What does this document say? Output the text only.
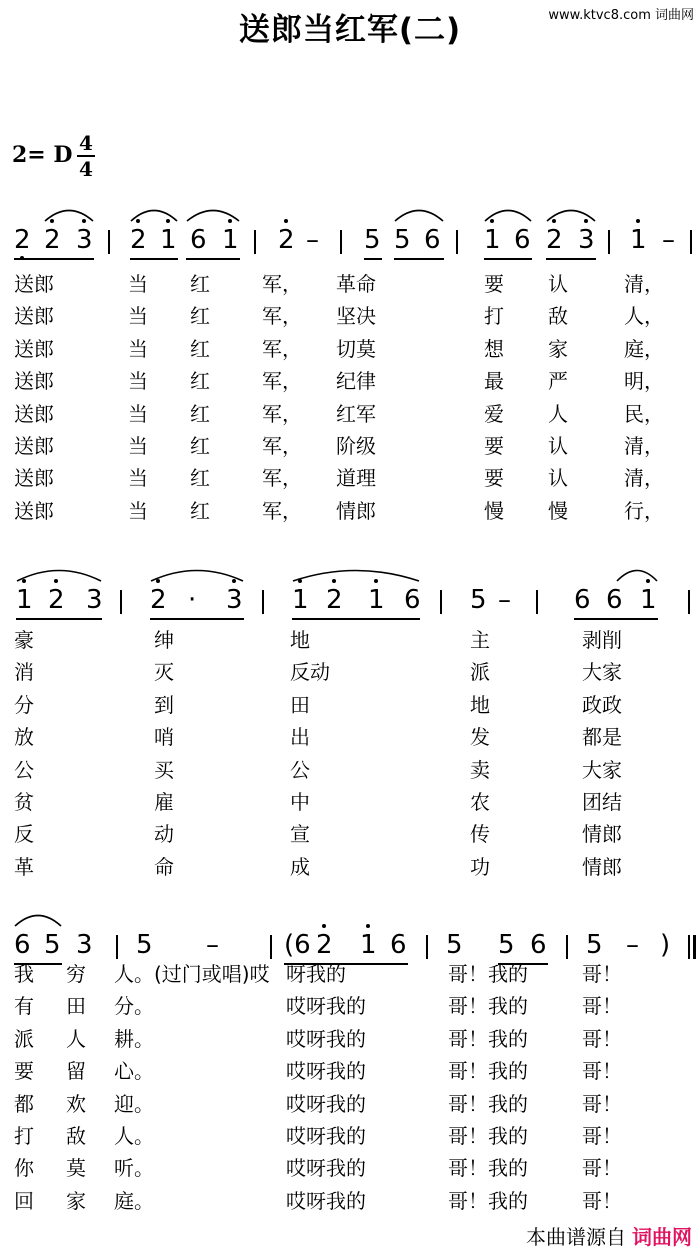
送郎当红军(二)	www.ktvc8.com 词曲网
2= D 4
4
2 2 3 2 1 6 1 2 – 5 5 6 1 6 2 3 1 –
送郎	当 红	军， 革命	要 认	清，
送郎	当 红	军， 坚决	打 敌	人，
送郎	当 红	军， 切莫	想 家	庭，
送郎	当 红	军， 纪律	最 严	明，
送郎	当 红	军， 红军	爱 人	民，
送郎	当 红	军， 阶级	要 认	清，
送郎	当 红	军， 道理	要 认	清，
送郎	当 红	军， 情郎	慢 慢	行，
1 2 3 2 · 3 1 2 1 6 5 – 6 6 1
豪	绅	地	主	剥削
消	灭	反动	派	大家
分	到	田	地	政政
放	哨	出	发	都是
公	买	公	卖	大家
贫	雇	中	农	团结
反	动	宣	传	情郎
革	命	成	功	情郎
6 5 3 5 –	(6 2 1 6 5 5 6 5 – )
我 穷 人。(过门或唱)哎 呀我的	哥！我的	哥！
有 田 分。	哎呀我的	哥！我的	哥！
派 人 耕。	哎呀我的	哥！我的	哥！
要 留 心。	哎呀我的	哥！我的	哥！
都 欢 迎。	哎呀我的	哥！我的	哥！
打 敌 人。	哎呀我的	哥！我的	哥！
你 莫 听。	哎呀我的	哥！我的	哥！
回 家 庭。	哎呀我的	哥！我的	哥！
本曲谱源自 词曲网
